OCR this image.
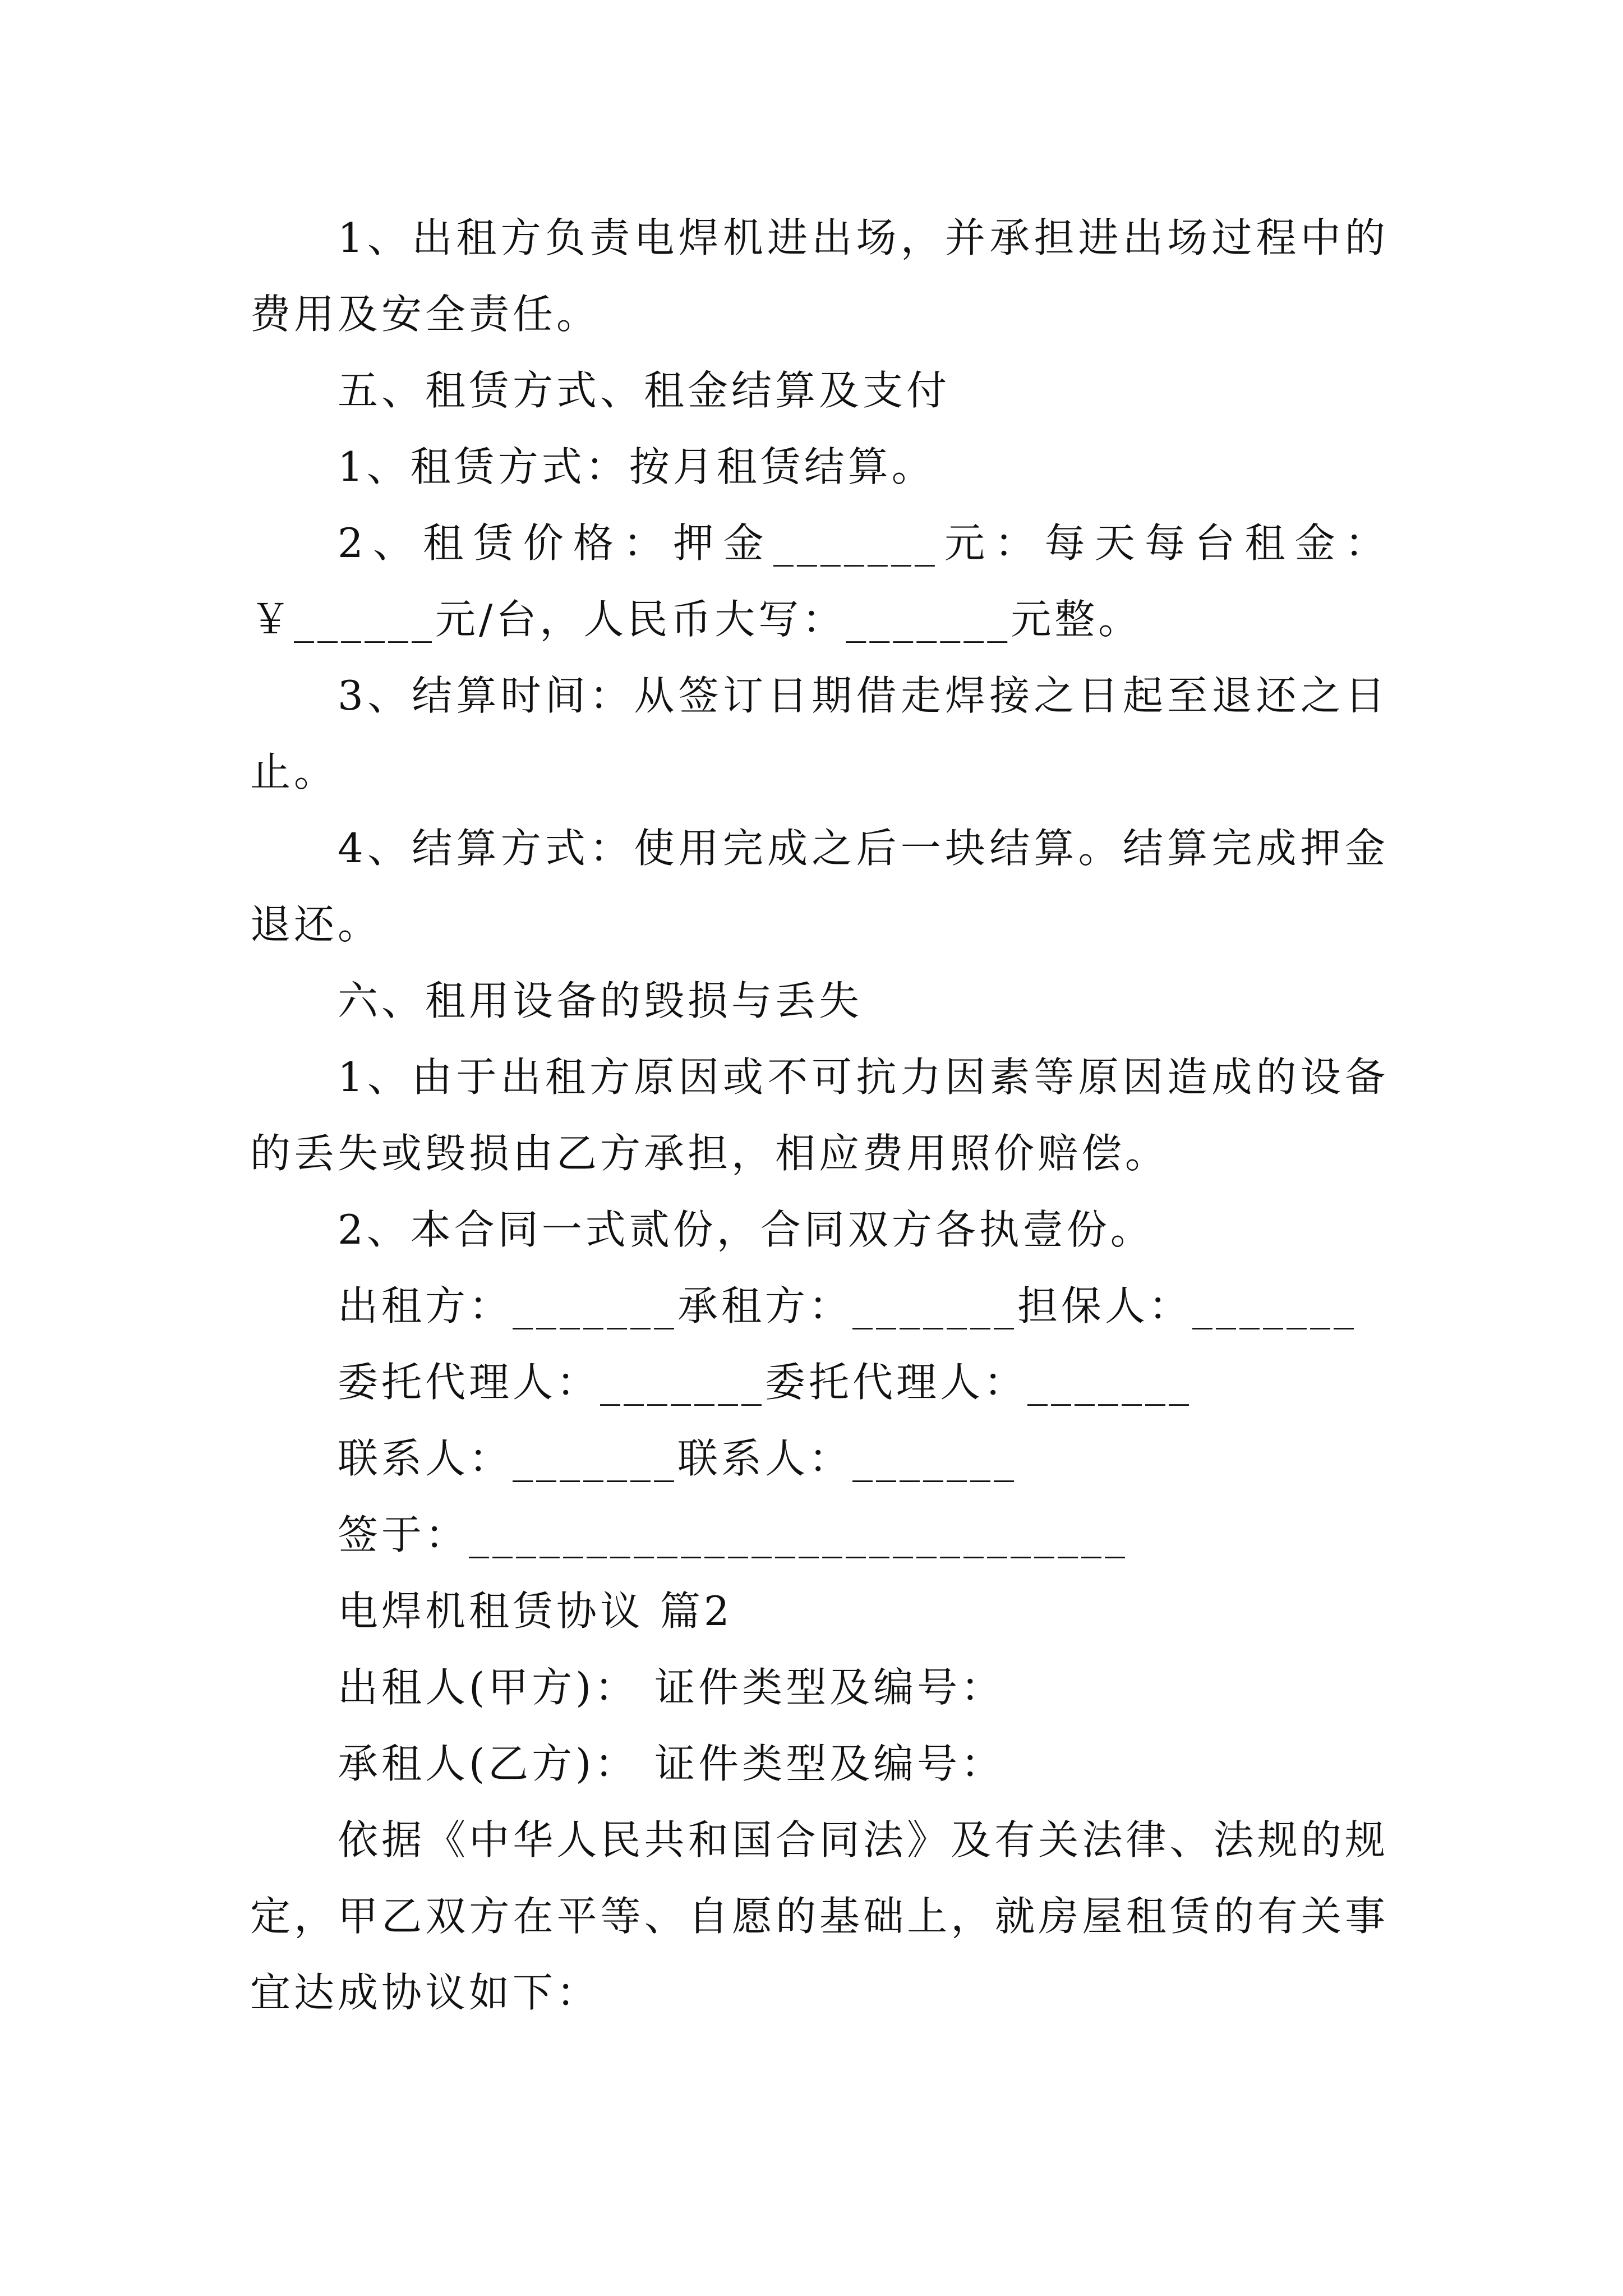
1、出租方负责电焊机进出场，并承担进出场过程中的费用及安全责任。

五、租赁方式、租金结算及支付

1、租赁方式：按月租赁结算。

2、租赁价格：押金_______元：每天每台租金：￥______元/台，人民币大写：_______元整。

3、结算时间：从签订日期借走焊接之日起至退还之日止。

4、结算方式：使用完成之后一块结算。结算完成押金退还。

六、租用设备的毁损与丢失

1、由于出租方原因或不可抗力因素等原因造成的设备的丢失或毁损由乙方承担，相应费用照价赔偿。

2、本合同一式贰份，合同双方各执壹份。

出租方：_______承租方：_______担保人：_______

委托代理人：_______委托代理人：_______

联系人：_______联系人：_______

签于：____________________________

电焊机租赁协议 篇2

出租人(甲方)： 证件类型及编号：

承租人(乙方)： 证件类型及编号：

依据《中华人民共和国合同法》及有关法律、法规的规定，甲乙双方在平等、自愿的基础上，就房屋租赁的有关事宜达成协议如下：
